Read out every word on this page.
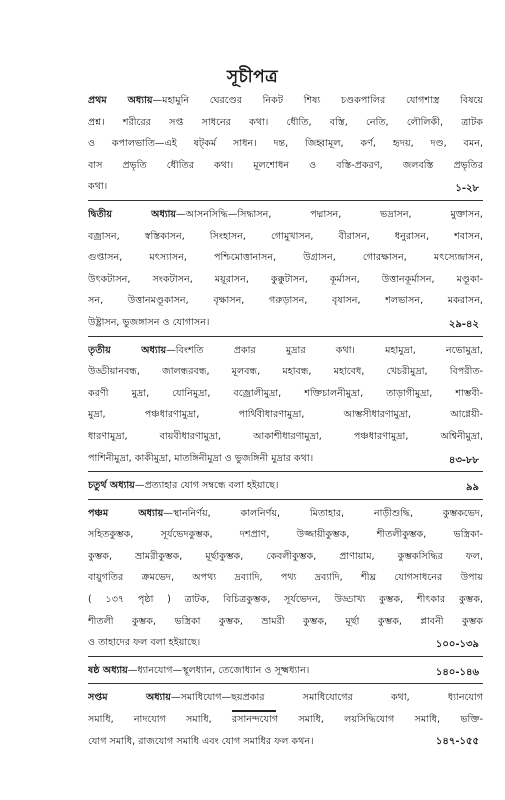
সূচীপত্র
প্রথম অধ্যায়—মহামুনি ঘেরণ্ডের নিকট শিষ্য চণ্ডকপালির যোগশাস্ত্র বিষয়ে
প্রশ্ন। শরীরের সপ্ত সাধনের কথা। ধৌতি, বস্তি, নেতি, লৌলিকী, ত্রাটক
ও কপালভাতি—এই ষট্‌কর্ম সাধন। দন্ত, জিহ্বামূল, কর্ণ, হৃদয়, দণ্ড, বমন,
বাস প্রভৃতি ধৌতির কথা। মূলশোধন ও বস্তি-প্রকরণ, জলবস্তি প্রভৃতির
কথা।	১-২৮
দ্বিতীয় অধ্যায়—আসনসিদ্ধি—সিদ্ধাসন, পদ্মাসন, ভদ্রাসন, মুক্তাসন,
বজ্রাসন, স্বস্তিকাসন, সিংহাসন, গোমুখাসন, বীরাসন, ধনুরাসন, শবাসন,
গুপ্তাসন, মৎস্যাসন, পশ্চিমোত্তানাসন, উগ্রাসন, গোরক্ষাসন, মৎস্যেন্দ্রাসন,
উৎকটাসন, সংকটাসন, ময়ূরাসন, কুক্কুটাসন, কূর্মাসন, উত্তানকূর্মাসন, মণ্ডূকা-
সন, উত্তানমণ্ডূকাসন, বৃক্ষাসন, গরুড়াসন, বৃষাসন, শলভাসন, মকরাসন,
উষ্ট্রাসন, ভুজঙ্গাসন ও যোগাসন।	২৯-৪২
তৃতীয় অধ্যায়—বিংশতি প্রকার মুদ্রার কথা। মহামুদ্রা, নভোমুদ্রা,
উড্ডীয়ানবন্ধ, জালন্ধরবন্ধ, মূলবন্ধ, মহাবন্ধ, মহাবেধ, খেচরীমুদ্রা, বিপরীত-
করণী মুদ্রা, যোনিমুদ্রা, বজ্রোলীমুদ্রা, শক্তিচালনীমুদ্রা, তাড়াগীমুদ্রা, শাম্ভবী-
মুদ্রা, পঞ্চধারণামুদ্রা, পার্থিবীধারণামুদ্রা, আম্ভসীধারণামুদ্রা, আগ্নেয়ী-
ধারণামুদ্রা, বায়বীধারণামুদ্রা, আকাশীধারণামুদ্রা, পঞ্চধারণামুদ্রা, অশ্বিনীমুদ্রা,
পাশিনীমুদ্রা, কাকীমুদ্রা, মাতঙ্গিনীমুদ্রা ও ভুজঙ্গিনী মুদ্রার কথা।	৪৩-৮৮
চতুর্থ অধ্যায়—প্রত্যাহার যোগ সম্বন্ধে বলা হইয়াছে।	৯৯
পঞ্চম অধ্যায়—স্থাননির্ণয়, কালনির্ণয়, মিতাহার, নাড়ীশুদ্ধি, কুম্ভকভেদ,
সহিতকুম্ভক, সূর্যভেদকুম্ভক, দশপ্রাণ, উজ্জায়ীকুম্ভক, শীতলীকুম্ভক, ভস্ত্রিকা-
কুম্ভক, ভ্রামরীকুম্ভক, মূর্ছাকুম্ভক, কেবলীকুম্ভক, প্রাণায়াম, কুম্ভকসিদ্ধির ফল,
বায়ুগতির ক্রমভেদ, অপথ্য দ্রব্যাদি, পথ্য দ্রব্যাদি, শীঘ্র যোগসাধনের উপায়
( ১৩৭ পৃষ্ঠা ) ত্রাটক, বিচিত্রকুম্ভক, সূর্যভেদন, উড্ডাখ্য কুম্ভক, শীৎকার কুম্ভক,
শীতলী কুম্ভক, ভস্ত্রিকা কুম্ভক, ভ্রামরী কুম্ভক, মূর্ছা কুম্ভক, প্লাবনী কুম্ভক
ও তাহাদের ফল বলা হইয়াছে।	১০০-১৩৯
ষষ্ঠ অধ্যায়—ধ্যানযোগ—স্থূলধ্যান, তেজোধ্যান ও সূক্ষ্মধ্যান।	১৪০-১৪৬
সপ্তম অধ্যায়—সমাধিযোগ—ছয়প্রকার সমাধিযোগের কথা, ধ্যানযোগ
সমাধি, নাদযোগ সমাধি, রসানন্দযোগ সমাধি, লয়সিদ্ধিযোগ সমাধি, ভক্তি-
যোগ সমাধি, রাজযোগ সমাধি এবং যোগ সমাধির ফল কথন।	১৪৭-১৫৫
